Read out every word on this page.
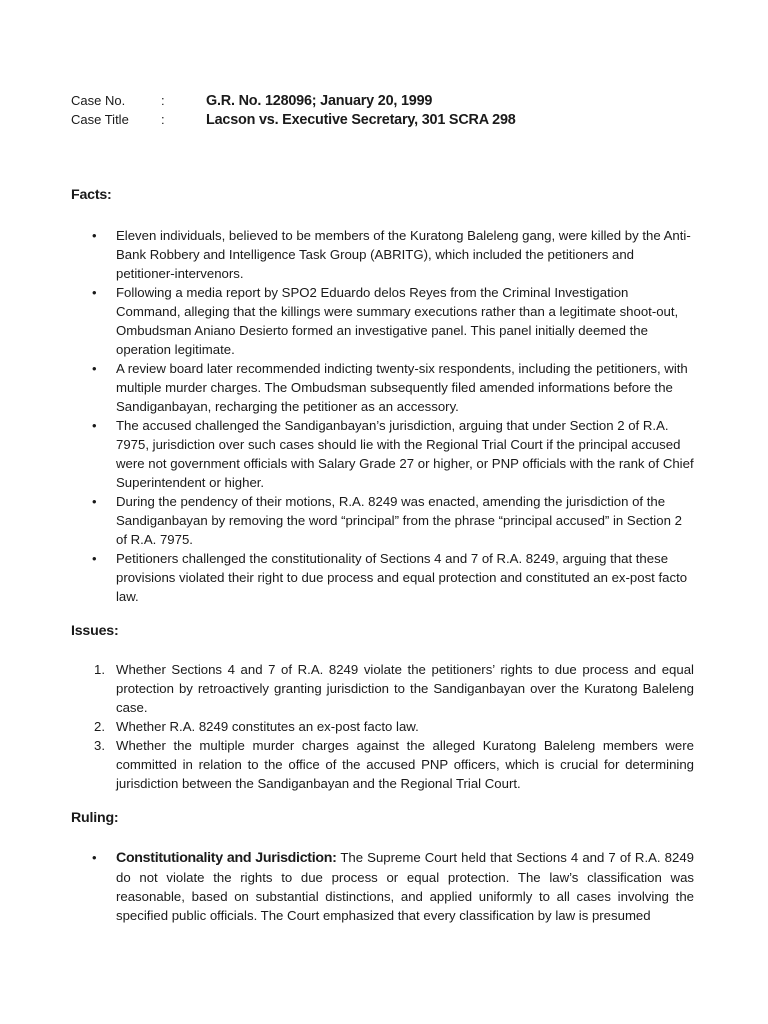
Case No.	:	G.R. No. 128096; January 20, 1999
Case Title	:	Lacson vs. Executive Secretary, 301 SCRA 298
Facts:
• Eleven individuals, believed to be members of the Kuratong Baleleng gang, were killed by the Anti-Bank Robbery and Intelligence Task Group (ABRITG), which included the petitioners and petitioner-intervenors.
• Following a media report by SPO2 Eduardo delos Reyes from the Criminal Investigation Command, alleging that the killings were summary executions rather than a legitimate shoot-out, Ombudsman Aniano Desierto formed an investigative panel. This panel initially deemed the operation legitimate.
• A review board later recommended indicting twenty-six respondents, including the petitioners, with multiple murder charges. The Ombudsman subsequently filed amended informations before the Sandiganbayan, recharging the petitioner as an accessory.
• The accused challenged the Sandiganbayan’s jurisdiction, arguing that under Section 2 of R.A. 7975, jurisdiction over such cases should lie with the Regional Trial Court if the principal accused were not government officials with Salary Grade 27 or higher, or PNP officials with the rank of Chief Superintendent or higher.
• During the pendency of their motions, R.A. 8249 was enacted, amending the jurisdiction of the Sandiganbayan by removing the word “principal” from the phrase “principal accused” in Section 2 of R.A. 7975.
• Petitioners challenged the constitutionality of Sections 4 and 7 of R.A. 8249, arguing that these provisions violated their right to due process and equal protection and constituted an ex-post facto law.
Issues:
1. Whether Sections 4 and 7 of R.A. 8249 violate the petitioners’ rights to due process and equal protection by retroactively granting jurisdiction to the Sandiganbayan over the Kuratong Baleleng case.
2. Whether R.A. 8249 constitutes an ex-post facto law.
3. Whether the multiple murder charges against the alleged Kuratong Baleleng members were committed in relation to the office of the accused PNP officers, which is crucial for determining jurisdiction between the Sandiganbayan and the Regional Trial Court.
Ruling:
• Constitutionality and Jurisdiction: The Supreme Court held that Sections 4 and 7 of R.A. 8249 do not violate the rights to due process or equal protection. The law’s classification was reasonable, based on substantial distinctions, and applied uniformly to all cases involving the specified public officials. The Court emphasized that every classification by law is presumed
